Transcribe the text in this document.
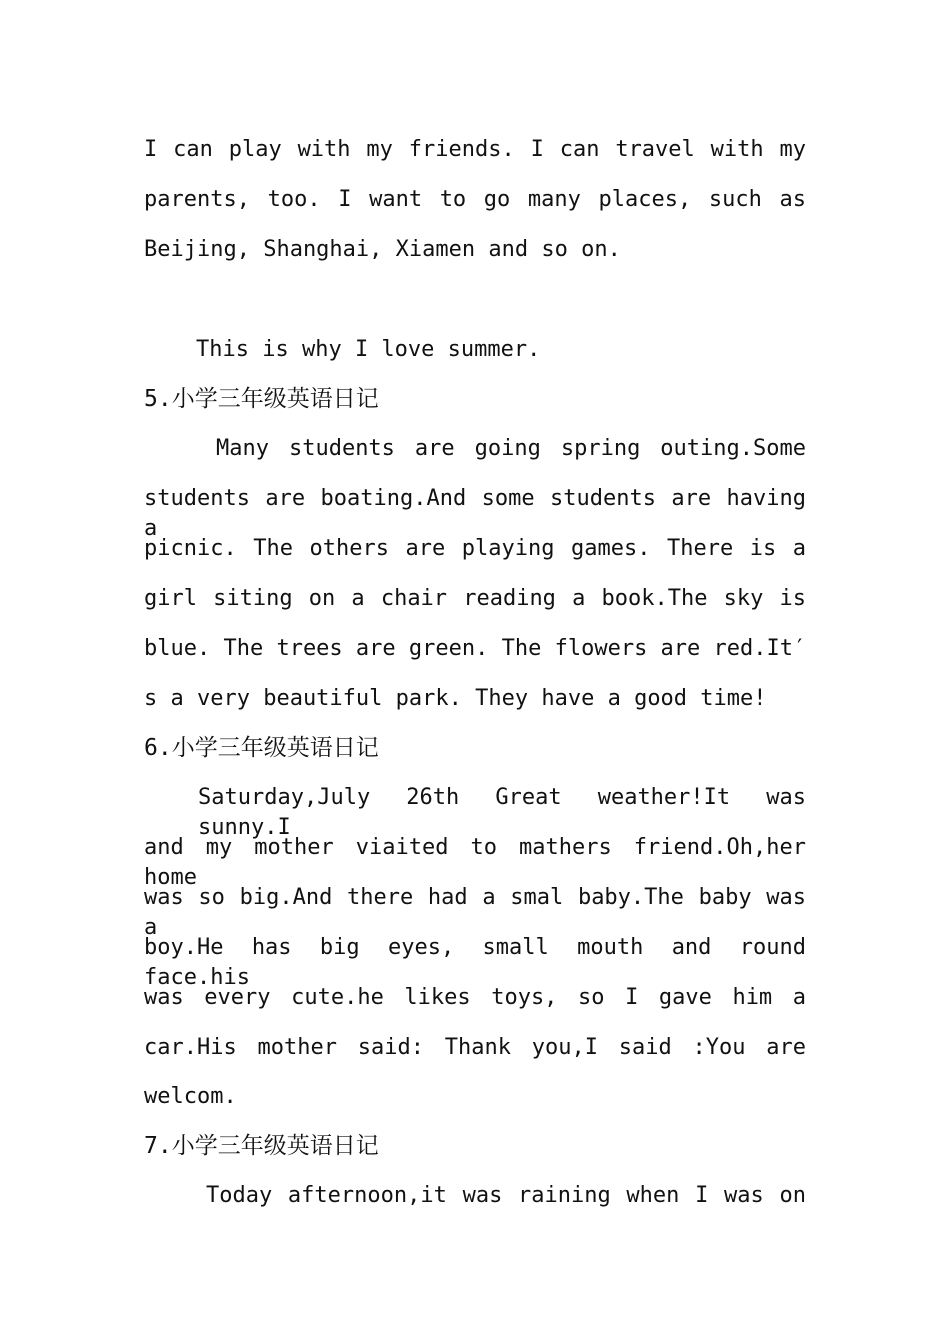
I can play with my friends. I can travel with my
parents, too. I want to go many places, such as
Beijing, Shanghai, Xiamen and so on.
This is why I love summer.
5.小学三年级英语日记
Many students are going spring outing.Some
students are boating.And some students are having a
picnic. The others are playing games. There is a
girl siting on a chair reading a book.The sky is
blue. The trees are green. The flowers are red.It′
s a very beautiful park. They have a good time!
6.小学三年级英语日记
Saturday,July 26th Great weather!It was sunny.I
and my mother viaited to mathers friend.Oh,her home
was so big.And there had a smal baby.The baby was a
boy.He has big eyes, small mouth and round face.his
was every cute.he likes toys, so I gave him a
car.His mother said: Thank you,I said :You are
welcom.
7.小学三年级英语日记
Today afternoon,it was raining when I was on
